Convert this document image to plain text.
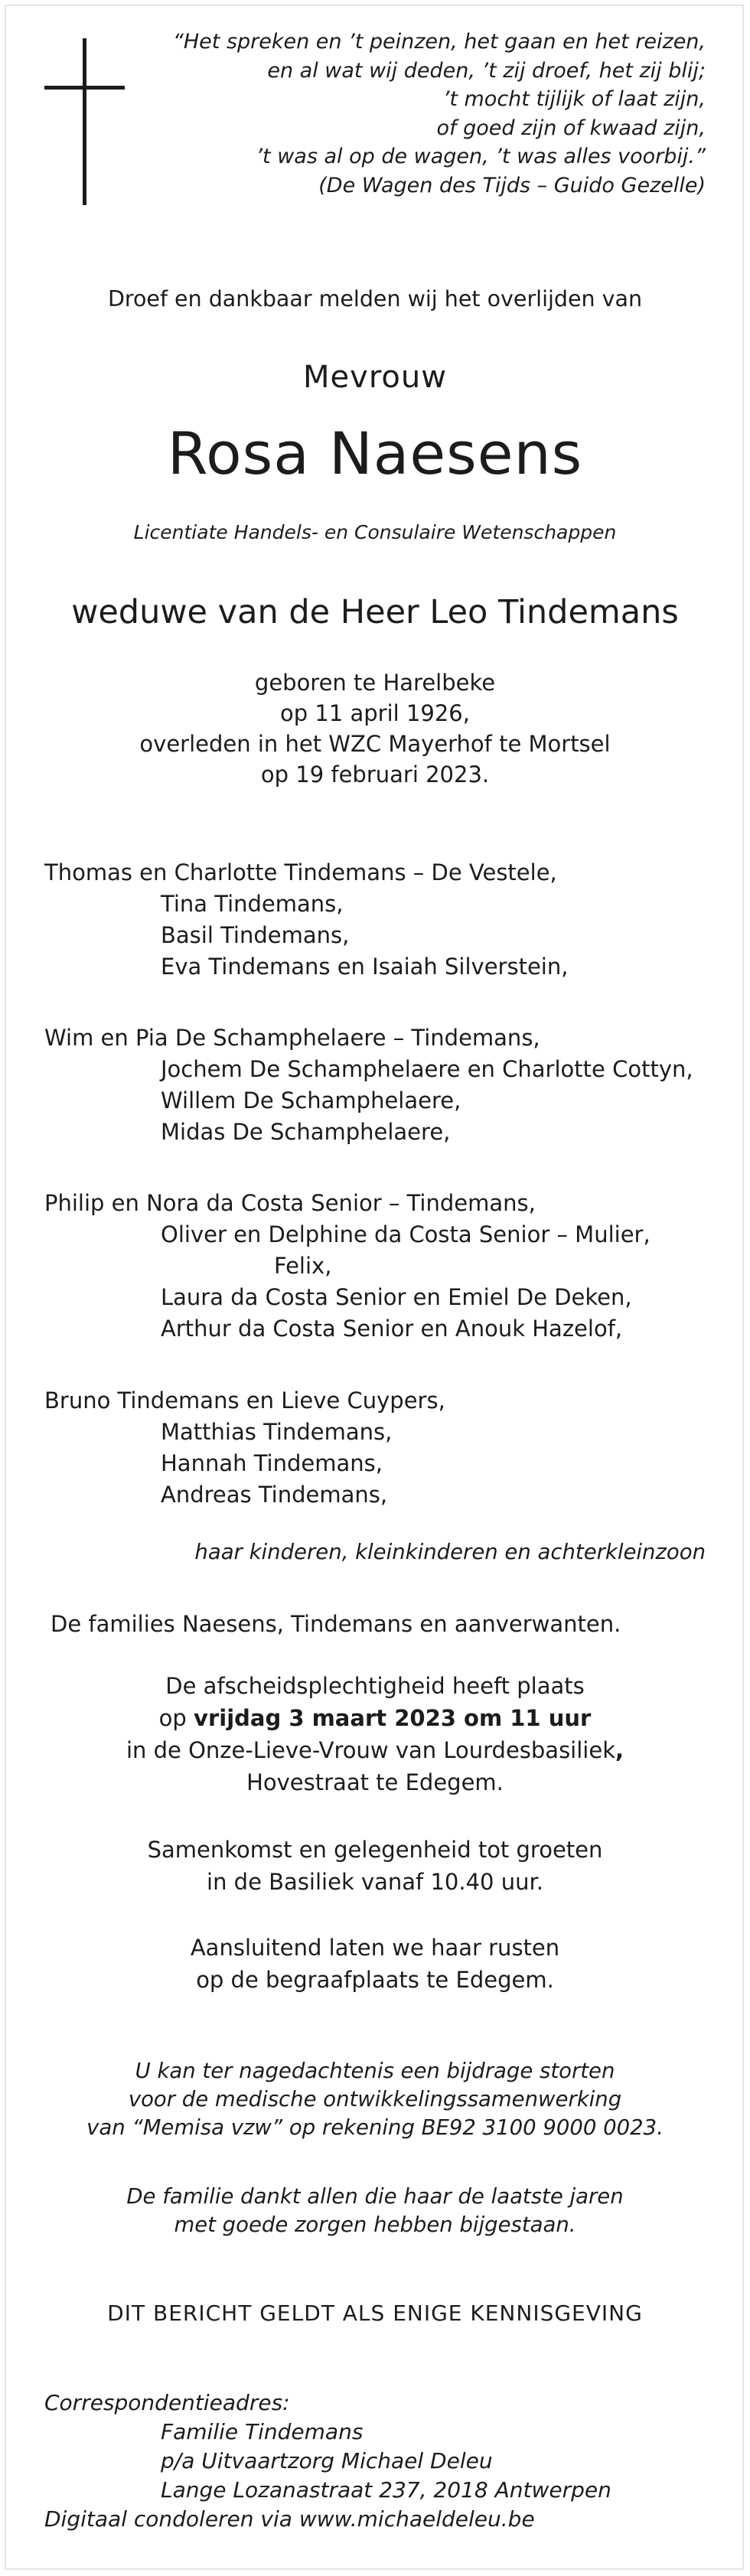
“Het spreken en ’t peinzen, het gaan en het reizen,
en al wat wij deden, ’t zij droef, het zij blij;
’t mocht tijlijk of laat zijn,
of goed zijn of kwaad zijn,
’t was al op de wagen, ’t was alles voorbij.”
(De Wagen des Tijds – Guido Gezelle)
Droef en dankbaar melden wij het overlijden van
Mevrouw
Rosa Naesens
Licentiate Handels- en Consulaire Wetenschappen
weduwe van de Heer Leo Tindemans
geboren te Harelbeke
op 11 april 1926,
overleden in het WZC Mayerhof te Mortsel
op 19 februari 2023.
Thomas en Charlotte Tindemans – De Vestele,
Tina Tindemans,
Basil Tindemans,
Eva Tindemans en Isaiah Silverstein,
Wim en Pia De Schamphelaere – Tindemans,
Jochem De Schamphelaere en Charlotte Cottyn,
Willem De Schamphelaere,
Midas De Schamphelaere,
Philip en Nora da Costa Senior – Tindemans,
Oliver en Delphine da Costa Senior – Mulier,
Felix,
Laura da Costa Senior en Emiel De Deken,
Arthur da Costa Senior en Anouk Hazelof,
Bruno Tindemans en Lieve Cuypers,
Matthias Tindemans,
Hannah Tindemans,
Andreas Tindemans,
haar kinderen, kleinkinderen en achterkleinzoon
De families Naesens, Tindemans en aanverwanten.
De afscheidsplechtigheid heeft plaats
op vrijdag 3 maart 2023 om 11 uur
in de Onze-Lieve-Vrouw van Lourdesbasiliek,
Hovestraat te Edegem.
Samenkomst en gelegenheid tot groeten
in de Basiliek vanaf 10.40 uur.
Aansluitend laten we haar rusten
op de begraafplaats te Edegem.
U kan ter nagedachtenis een bijdrage storten
voor de medische ontwikkelingssamenwerking
van “Memisa vzw” op rekening BE92 3100 9000 0023.
De familie dankt allen die haar de laatste jaren
met goede zorgen hebben bijgestaan.
DIT BERICHT GELDT ALS ENIGE KENNISGEVING
Correspondentieadres:
Familie Tindemans
p/a Uitvaartzorg Michael Deleu
Lange Lozanastraat 237, 2018 Antwerpen
Digitaal condoleren via www.michaeldeleu.be
